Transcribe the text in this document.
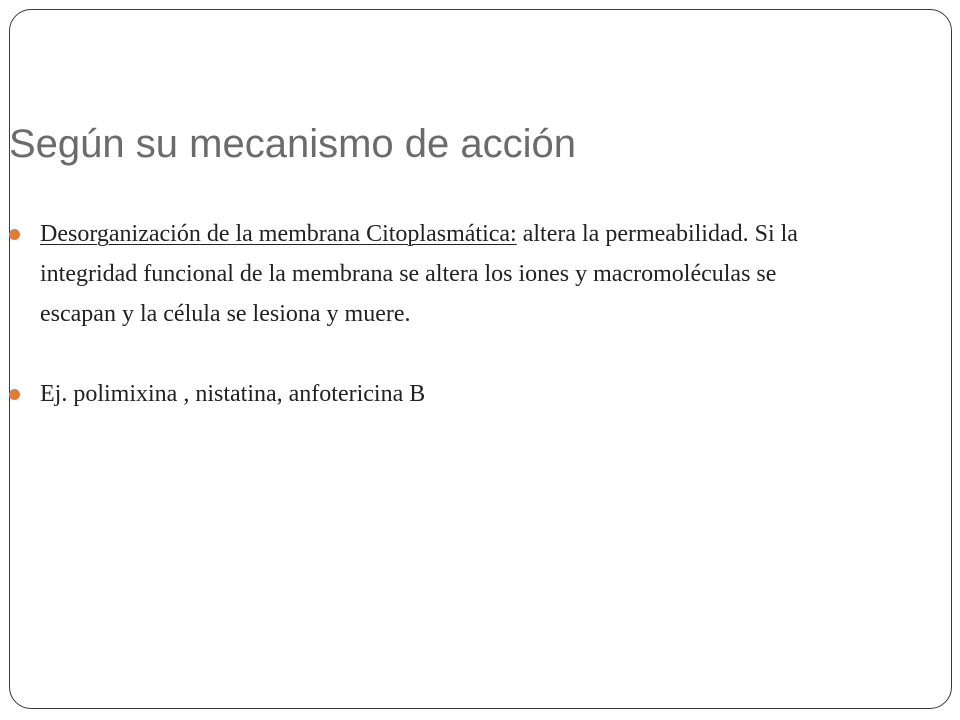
Según su mecanismo de acción
Desorganización de la membrana Citoplasmática: altera la permeabilidad. Si la integridad funcional de la membrana se altera los iones y macromoléculas se escapan y la célula se lesiona y muere.
Ej. polimixina , nistatina, anfotericina B
